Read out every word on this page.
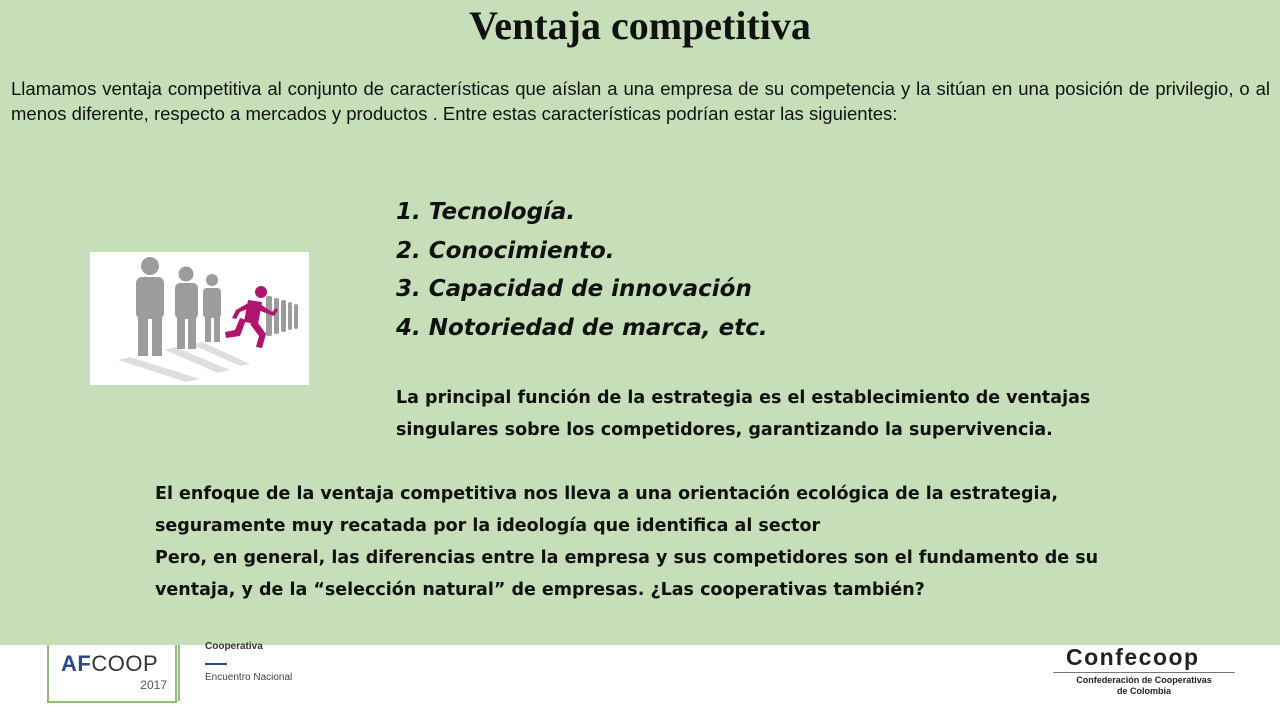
Ventaja competitiva
Llamamos ventaja competitiva al conjunto de características que aíslan a una empresa de su competencia y la sitúan en una posición de privilegio, o al menos diferente, respecto a mercados y productos . Entre estas características podrían estar las siguientes:
1. Tecnología.
2. Conocimiento.
3. Capacidad de innovación
4. Notoriedad de marca, etc.
La principal función de la estrategia es el establecimiento de ventajas
singulares sobre los competidores, garantizando la supervivencia.
El enfoque de la ventaja competitiva nos lleva a una orientación ecológica de la estrategia,
seguramente muy recatada por la ideología que identifica al sector
Pero, en general, las diferencias entre la empresa y sus competidores son el fundamento de su
ventaja, y de la “selección natural” de empresas. ¿Las cooperativas también?
AFCOOP
2017
Cooperativa
Encuentro Nacional
Confecoop
Confederación de Cooperativas
de Colombia
